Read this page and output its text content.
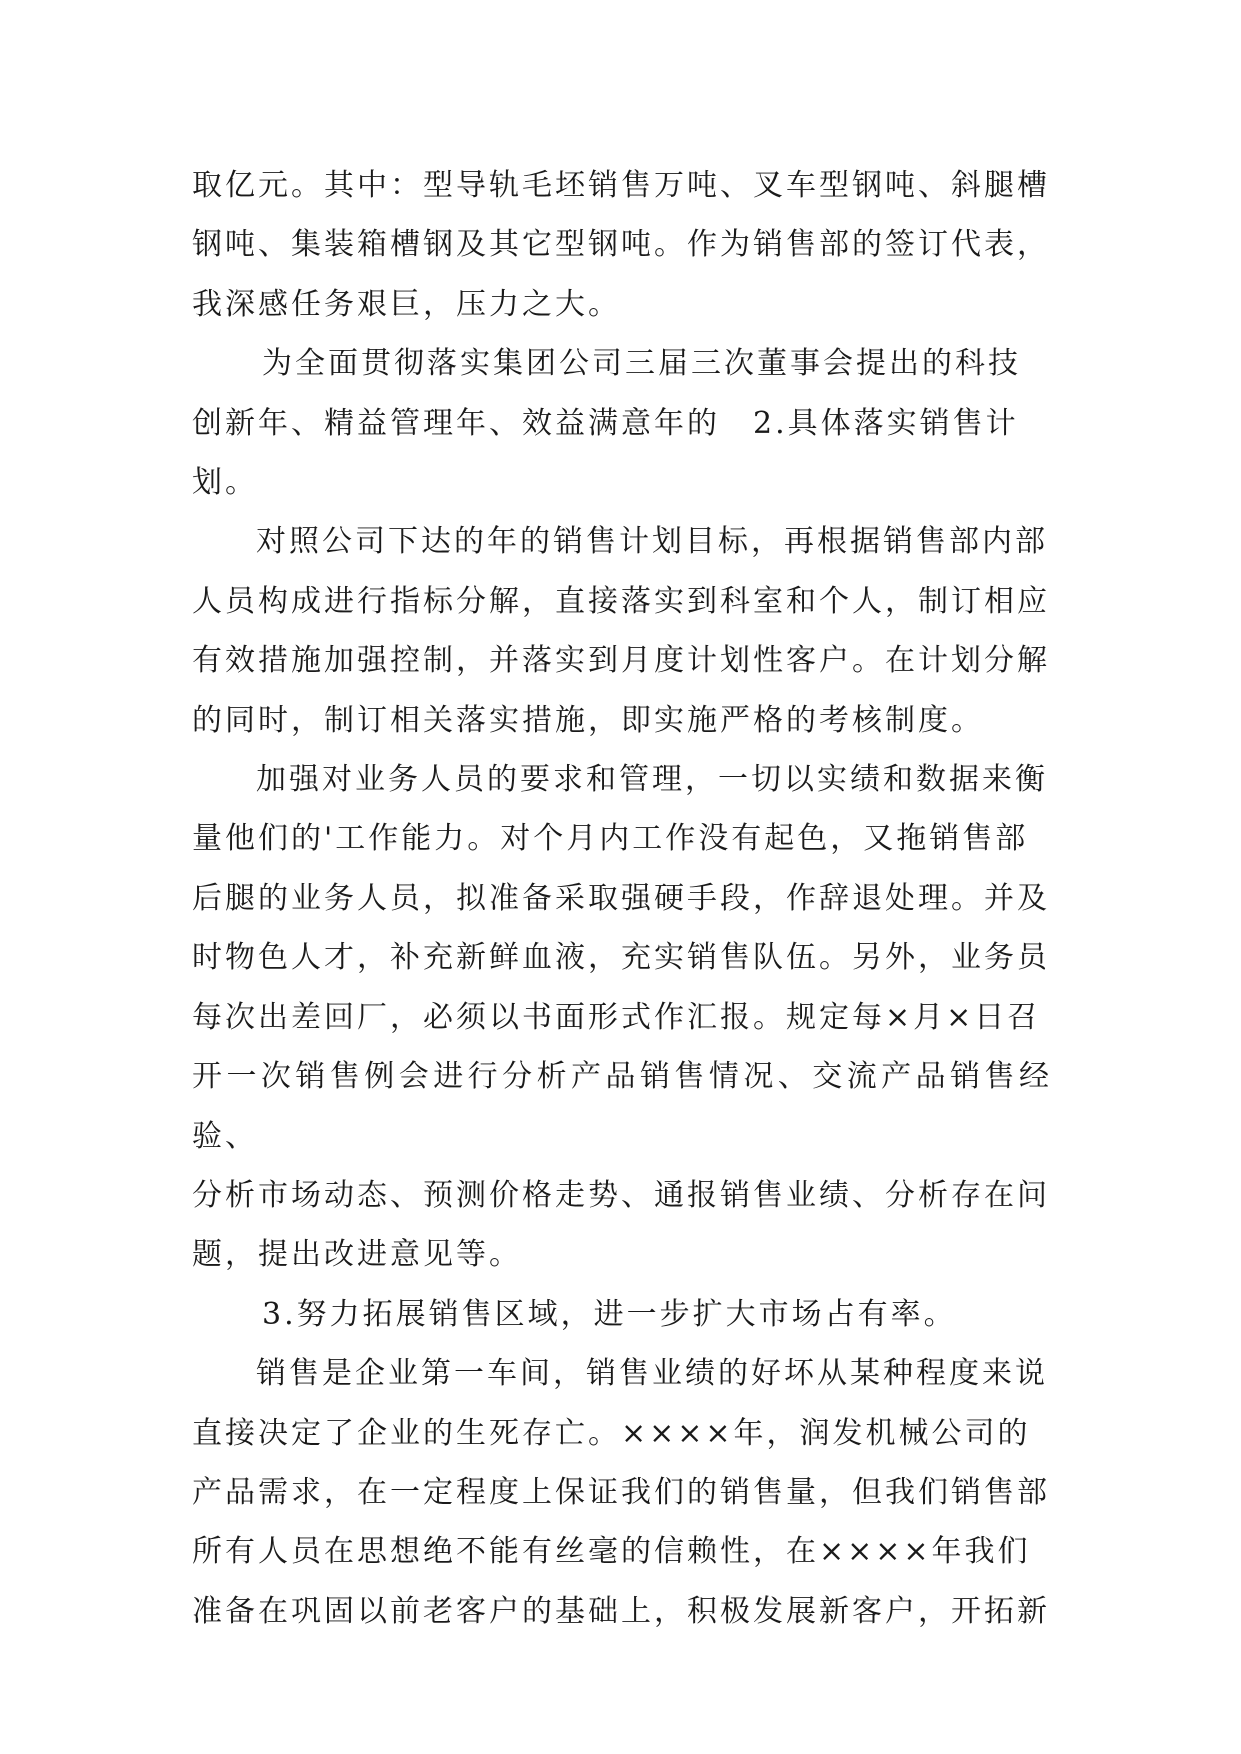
取亿元。其中：型导轨毛坯销售万吨、叉车型钢吨、斜腿槽
钢吨、集装箱槽钢及其它型钢吨。作为销售部的签订代表，
我深感任务艰巨，压力之大。

为全面贯彻落实集团公司三届三次董事会提出的科技
创新年、精益管理年、效益满意年的　2.具体落实销售计
划。

对照公司下达的年的销售计划目标，再根据销售部内部
人员构成进行指标分解，直接落实到科室和个人，制订相应
有效措施加强控制，并落实到月度计划性客户。在计划分解
的同时，制订相关落实措施，即实施严格的考核制度。

加强对业务人员的要求和管理，一切以实绩和数据来衡
量他们的'工作能力。对个月内工作没有起色，又拖销售部
后腿的业务人员，拟准备采取强硬手段，作辞退处理。并及
时物色人才，补充新鲜血液，充实销售队伍。另外，业务员
每次出差回厂，必须以书面形式作汇报。规定每×月×日召
开一次销售例会进行分析产品销售情况、交流产品销售经验、
分析市场动态、预测价格走势、通报销售业绩、分析存在问
题，提出改进意见等。

3.努力拓展销售区域，进一步扩大市场占有率。

销售是企业第一车间，销售业绩的好坏从某种程度来说
直接决定了企业的生死存亡。××××年，润发机械公司的
产品需求，在一定程度上保证我们的销售量，但我们销售部
所有人员在思想绝不能有丝毫的信赖性，在××××年我们
准备在巩固以前老客户的基础上，积极发展新客户，开拓新
